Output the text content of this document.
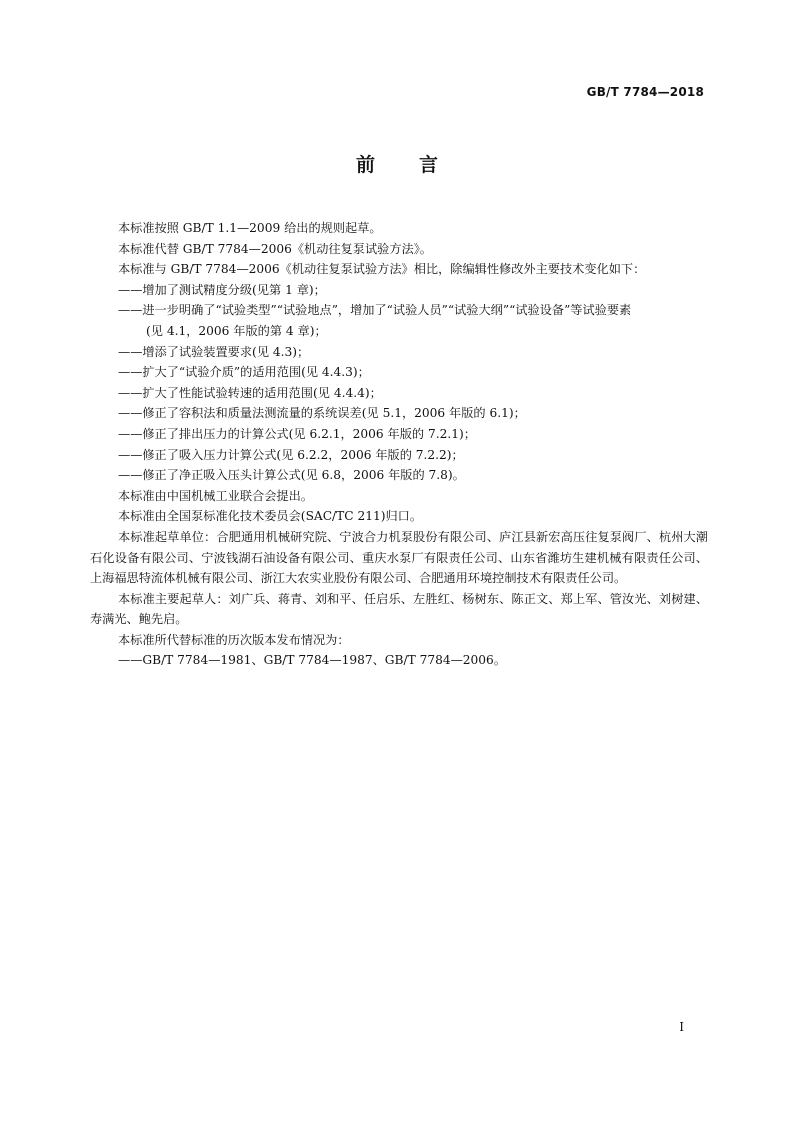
GB/T 7784—2018
前 言
本标准按照 GB/T 1.1—2009 给出的规则起草。
本标准代替 GB/T 7784—2006《机动往复泵试验方法》。
本标准与 GB/T 7784—2006《机动往复泵试验方法》相比，除编辑性修改外主要技术变化如下：
——增加了测试精度分级(见第 1 章)；
——进一步明确了“试验类型”“试验地点”，增加了“试验人员”“试验大纲”“试验设备”等试验要素
(见 4.1，2006 年版的第 4 章)；
——增添了试验装置要求(见 4.3)；
——扩大了“试验介质”的适用范围(见 4.4.3)；
——扩大了性能试验转速的适用范围(见 4.4.4)；
——修正了容积法和质量法测流量的系统误差(见 5.1，2006 年版的 6.1)；
——修正了排出压力的计算公式(见 6.2.1，2006 年版的 7.2.1)；
——修正了吸入压力计算公式(见 6.2.2，2006 年版的 7.2.2)；
——修正了净正吸入压头计算公式(见 6.8，2006 年版的 7.8)。
本标准由中国机械工业联合会提出。
本标准由全国泵标准化技术委员会(SAC/TC 211)归口。
本标准起草单位：合肥通用机械研究院、宁波合力机泵股份有限公司、庐江县新宏高压往复泵阀厂、杭州大潮石化设备有限公司、宁波钱湖石油设备有限公司、重庆水泵厂有限责任公司、山东省潍坊生建机械有限责任公司、上海福思特流体机械有限公司、浙江大农实业股份有限公司、合肥通用环境控制技术有限责任公司。
本标准主要起草人：刘广兵、蒋青、刘和平、任启乐、左胜红、杨树东、陈正文、郑上军、管汝光、刘树建、寿满光、鲍先启。
本标准所代替标准的历次版本发布情况为：
——GB/T 7784—1981、GB/T 7784—1987、GB/T 7784—2006。
I
